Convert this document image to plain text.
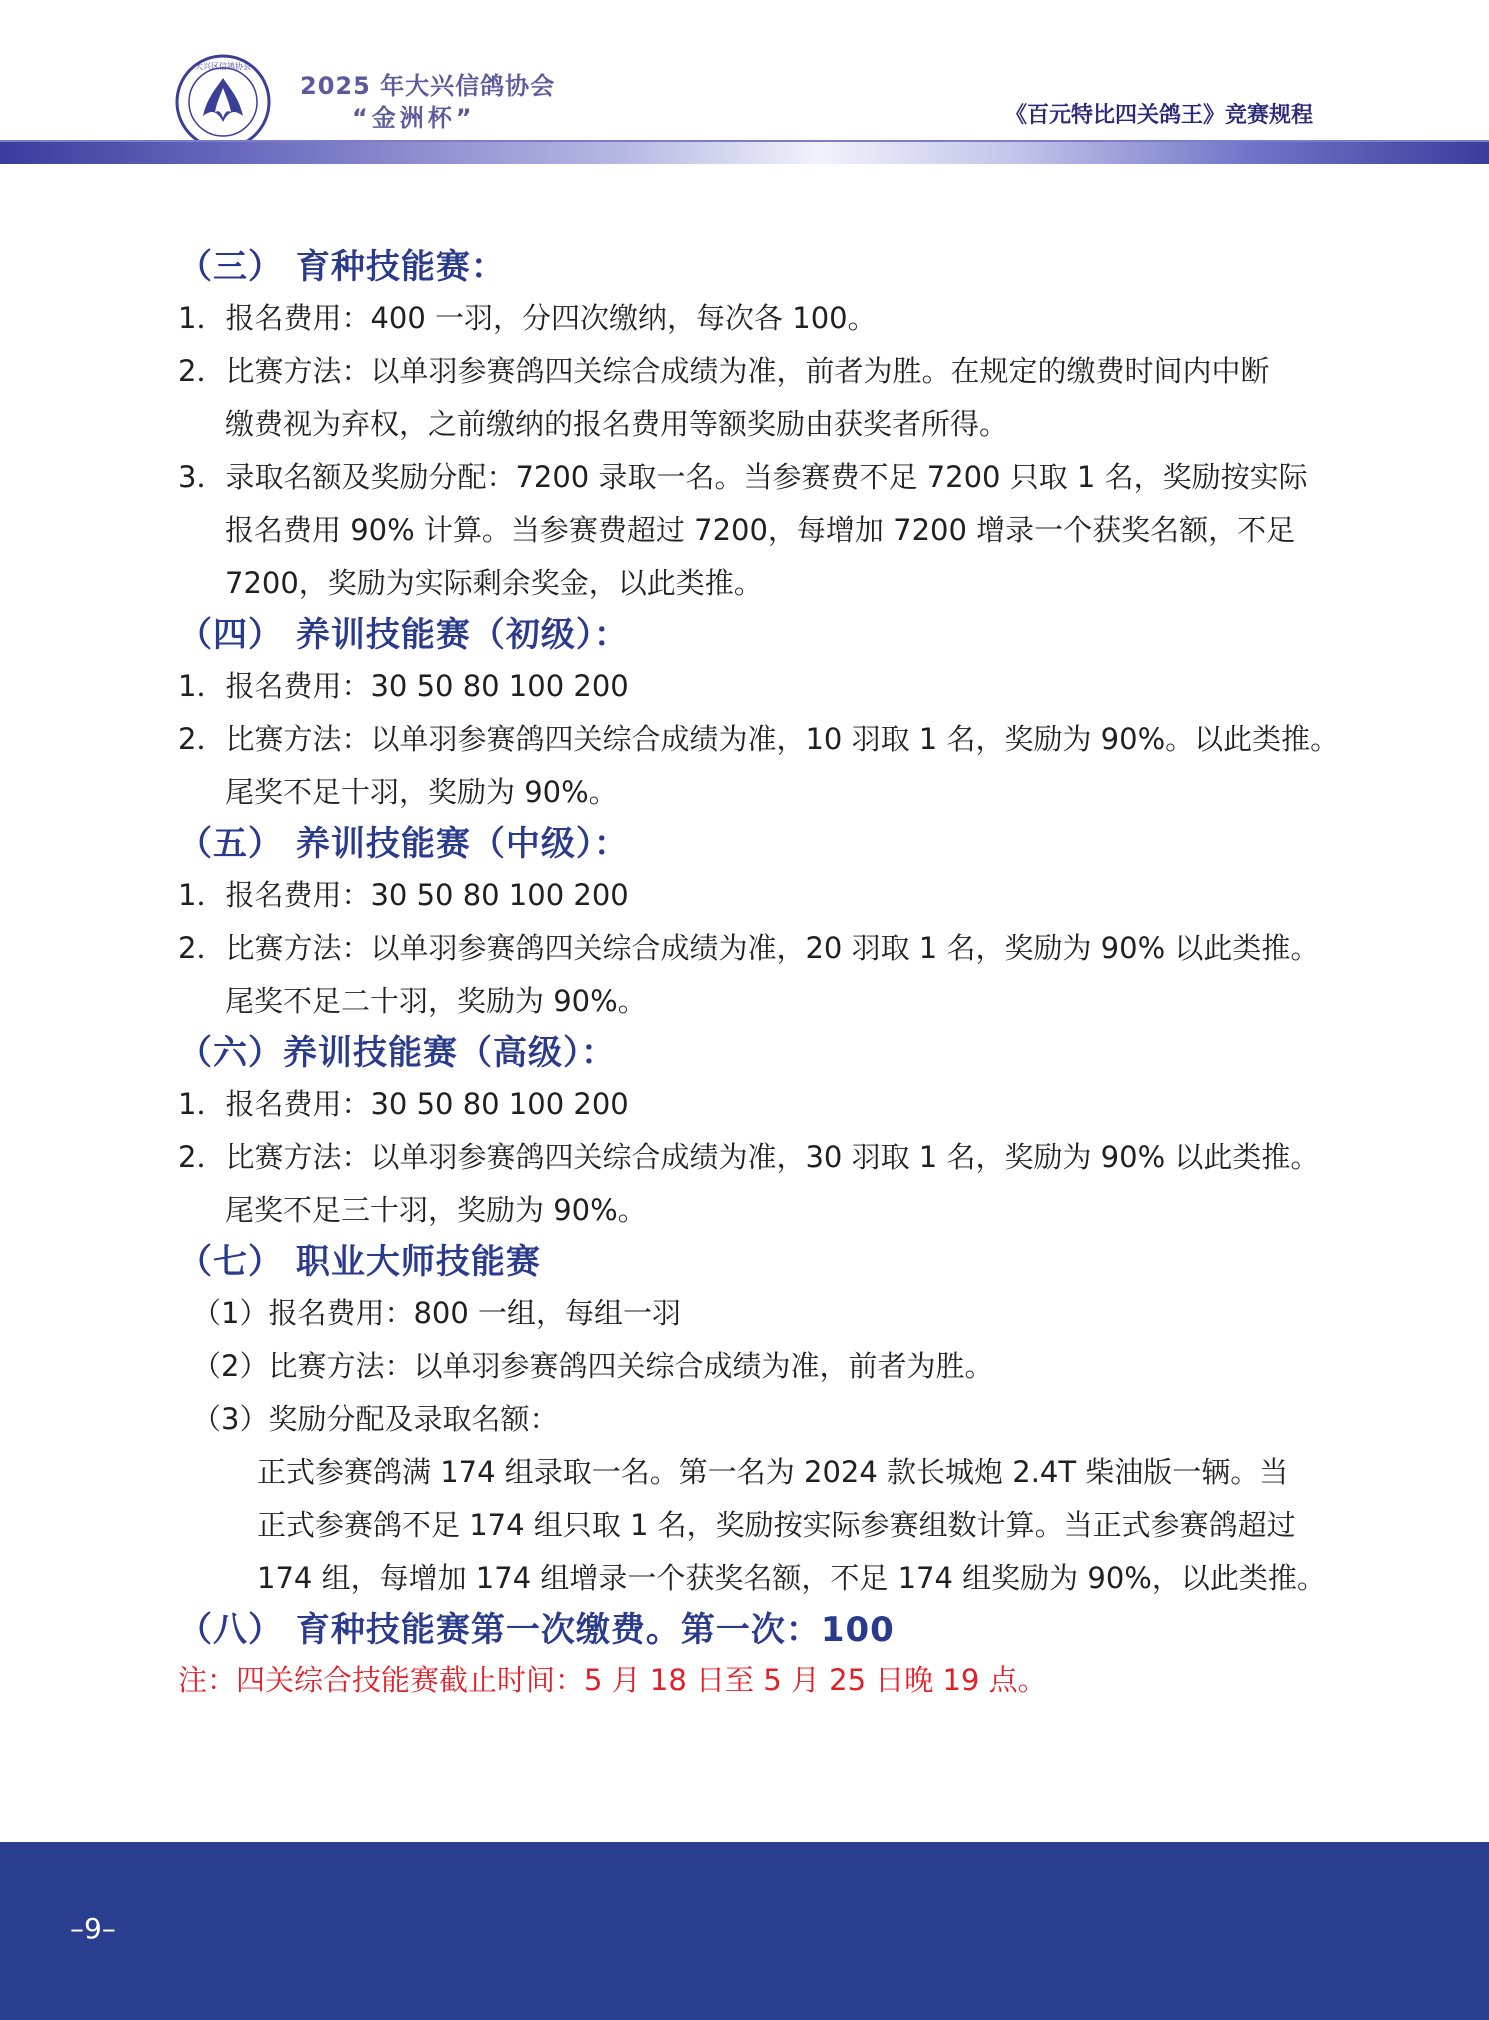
大兴区信鸽协会
2025 年大兴信鸽协会
“金洲杯”	《百元特比四关鸽王》竞赛规程
（三） 育种技能赛：

1．报名费用：400 一羽，分四次缴纳，每次各 100。

2．比赛方法：以单羽参赛鸽四关综合成绩为准，前者为胜。在规定的缴费时间内中断

缴费视为弃权，之前缴纳的报名费用等额奖励由获奖者所得。

3．录取名额及奖励分配：7200 录取一名。当参赛费不足 7200 只取 1 名，奖励按实际

报名费用 90% 计算。当参赛费超过 7200，每增加 7200 增录一个获奖名额，不足

7200，奖励为实际剩余奖金，以此类推。

（四） 养训技能赛（初级）：

1．报名费用：30 50 80 100 200

2．比赛方法：以单羽参赛鸽四关综合成绩为准，10 羽取 1 名，奖励为 90%。以此类推。

尾奖不足十羽，奖励为 90%。

（五） 养训技能赛（中级）：

1．报名费用：30 50 80 100 200

2．比赛方法：以单羽参赛鸽四关综合成绩为准，20 羽取 1 名，奖励为 90% 以此类推。

尾奖不足二十羽，奖励为 90%。

（六）养训技能赛（高级）：

1．报名费用：30 50 80 100 200

2．比赛方法：以单羽参赛鸽四关综合成绩为准，30 羽取 1 名，奖励为 90% 以此类推。

尾奖不足三十羽，奖励为 90%。

（七） 职业大师技能赛

（1）报名费用：800 一组，每组一羽

（2）比赛方法：以单羽参赛鸽四关综合成绩为准，前者为胜。

（3）奖励分配及录取名额：

正式参赛鸽满 174 组录取一名。第一名为 2024 款长城炮 2.4T 柴油版一辆。当

正式参赛鸽不足 174 组只取 1 名，奖励按实际参赛组数计算。当正式参赛鸽超过

174 组，每增加 174 组增录一个获奖名额，不足 174 组奖励为 90%，以此类推。

（八） 育种技能赛第一次缴费。第一次：100

注：四关综合技能赛截止时间：5 月 18 日至 5 月 25 日晚 19 点。

–9–
